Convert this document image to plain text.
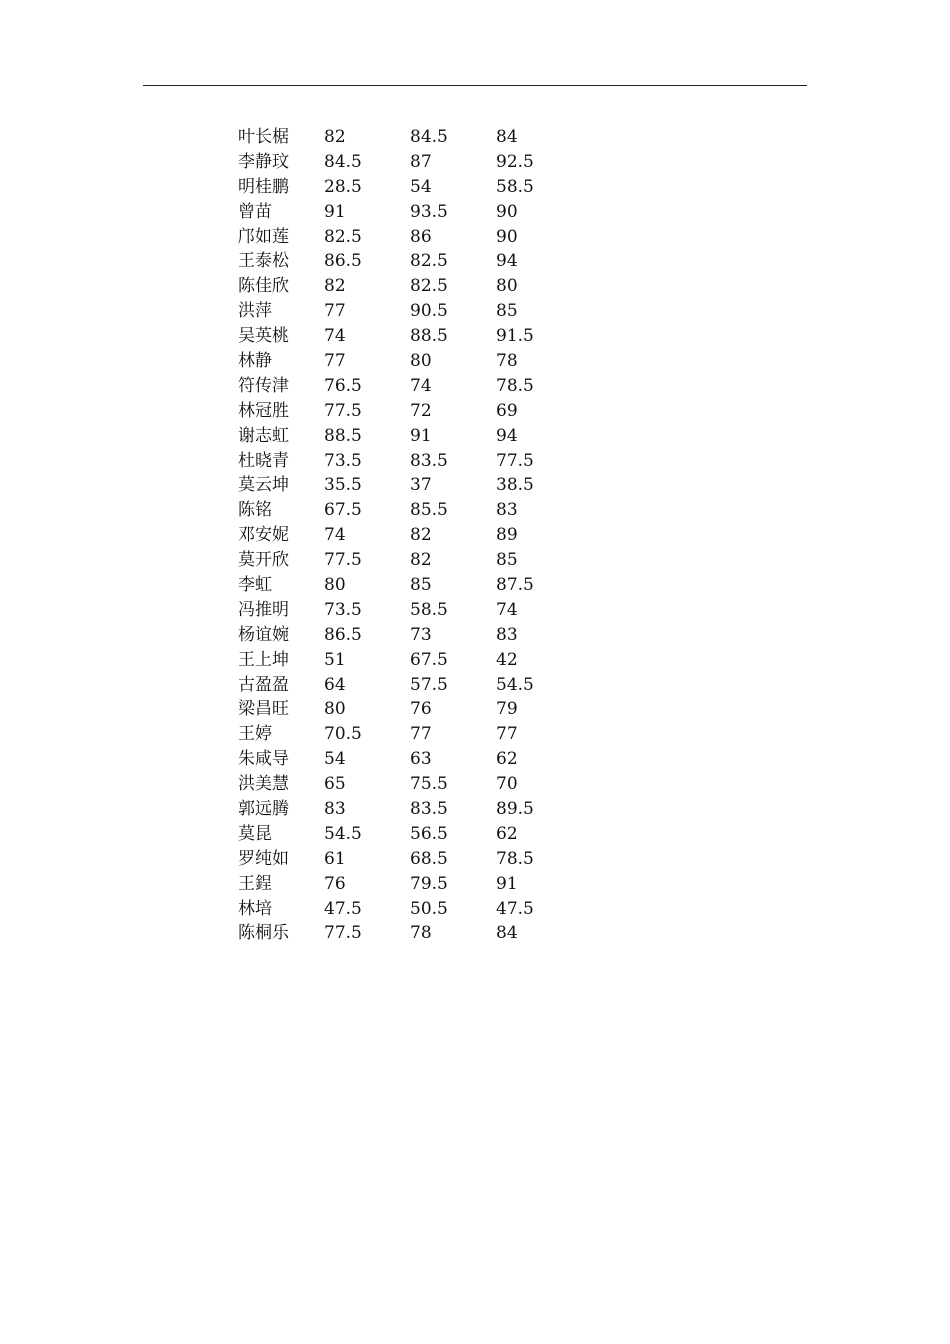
叶长椐	82	84.5	84
李静玟	84.5	87	92.5
明桂鹏	28.5	54	58.5
曾苗	91	93.5	90
邝如莲	82.5	86	90
王泰松	86.5	82.5	94
陈佳欣	82	82.5	80
洪萍	77	90.5	85
吴英桃	74	88.5	91.5
林静	77	80	78
符传津	76.5	74	78.5
林冠胜	77.5	72	69
谢志虹	88.5	91	94
杜晓青	73.5	83.5	77.5
莫云坤	35.5	37	38.5
陈铭	67.5	85.5	83
邓安妮	74	82	89
莫开欣	77.5	82	85
李虹	80	85	87.5
冯推明	73.5	58.5	74
杨谊婉	86.5	73	83
王上坤	51	67.5	42
古盈盈	64	57.5	54.5
梁昌旺	80	76	79
王婷	70.5	77	77
朱咸导	54	63	62
洪美慧	65	75.5	70
郭远腾	83	83.5	89.5
莫昆	54.5	56.5	62
罗纯如	61	68.5	78.5
王鋥	76	79.5	91
林培	47.5	50.5	47.5
陈桐乐	77.5	78	84
